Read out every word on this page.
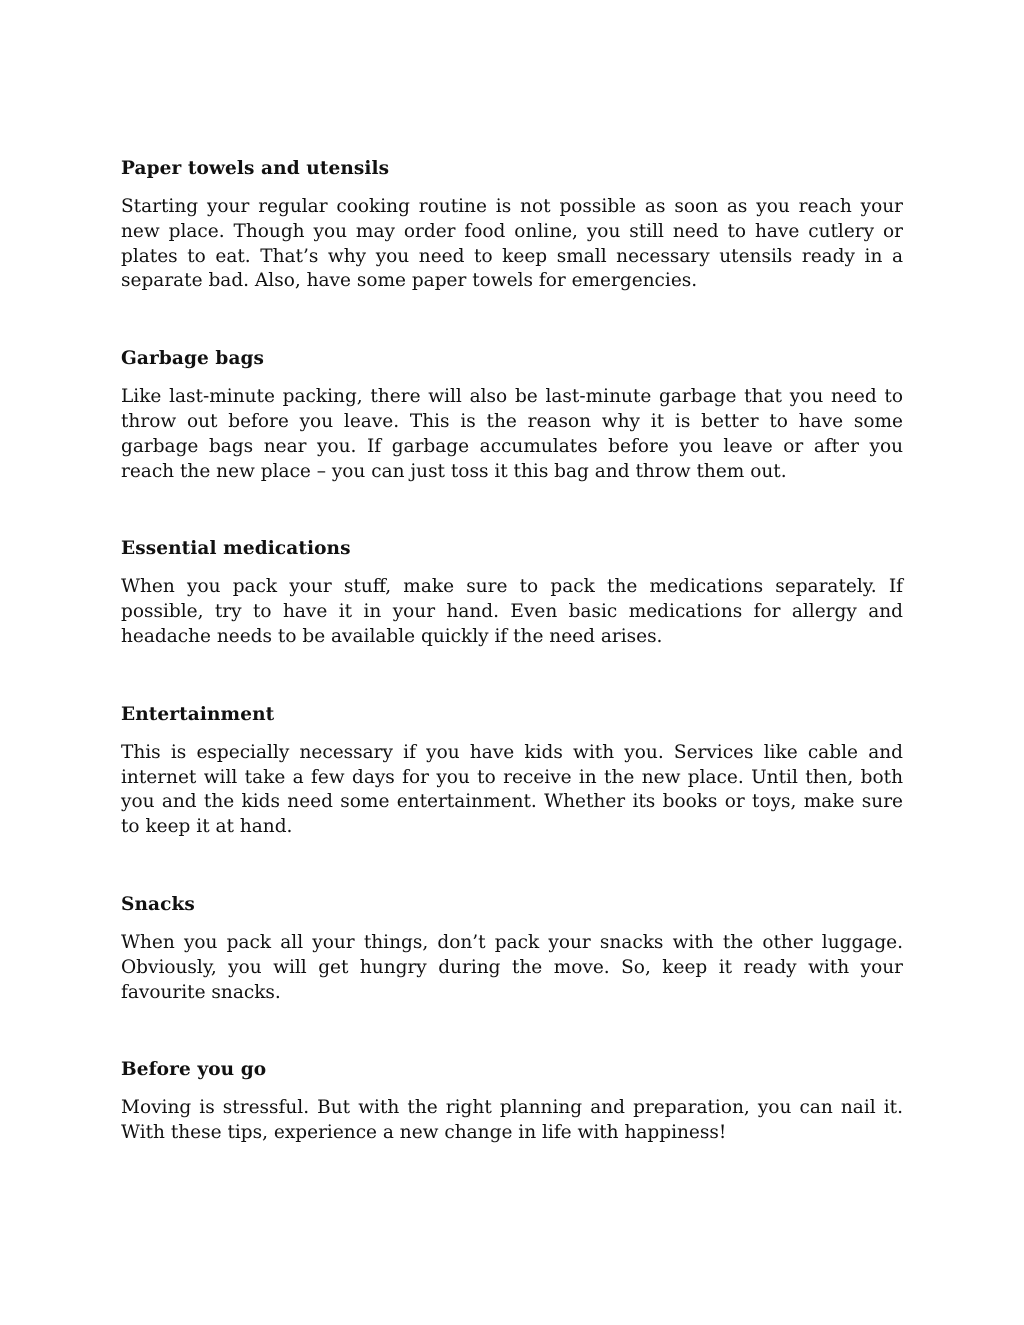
Paper towels and utensils

Starting your regular cooking routine is not possible as soon as you reach your new place. Though you may order food online, you still need to have cutlery or plates to eat. That’s why you need to keep small necessary utensils ready in a separate bad. Also, have some paper towels for emergencies.

Garbage bags

Like last-minute packing, there will also be last-minute garbage that you need to throw out before you leave. This is the reason why it is better to have some garbage bags near you. If garbage accumulates before you leave or after you reach the new place – you can just toss it this bag and throw them out.

Essential medications

When you pack your stuff, make sure to pack the medications separately. If possible, try to have it in your hand. Even basic medications for allergy and headache needs to be available quickly if the need arises.

Entertainment

This is especially necessary if you have kids with you. Services like cable and internet will take a few days for you to receive in the new place. Until then, both you and the kids need some entertainment. Whether its books or toys, make sure to keep it at hand.

Snacks

When you pack all your things, don’t pack your snacks with the other luggage. Obviously, you will get hungry during the move. So, keep it ready with your favourite snacks.

Before you go

Moving is stressful. But with the right planning and preparation, you can nail it. With these tips, experience a new change in life with happiness!
